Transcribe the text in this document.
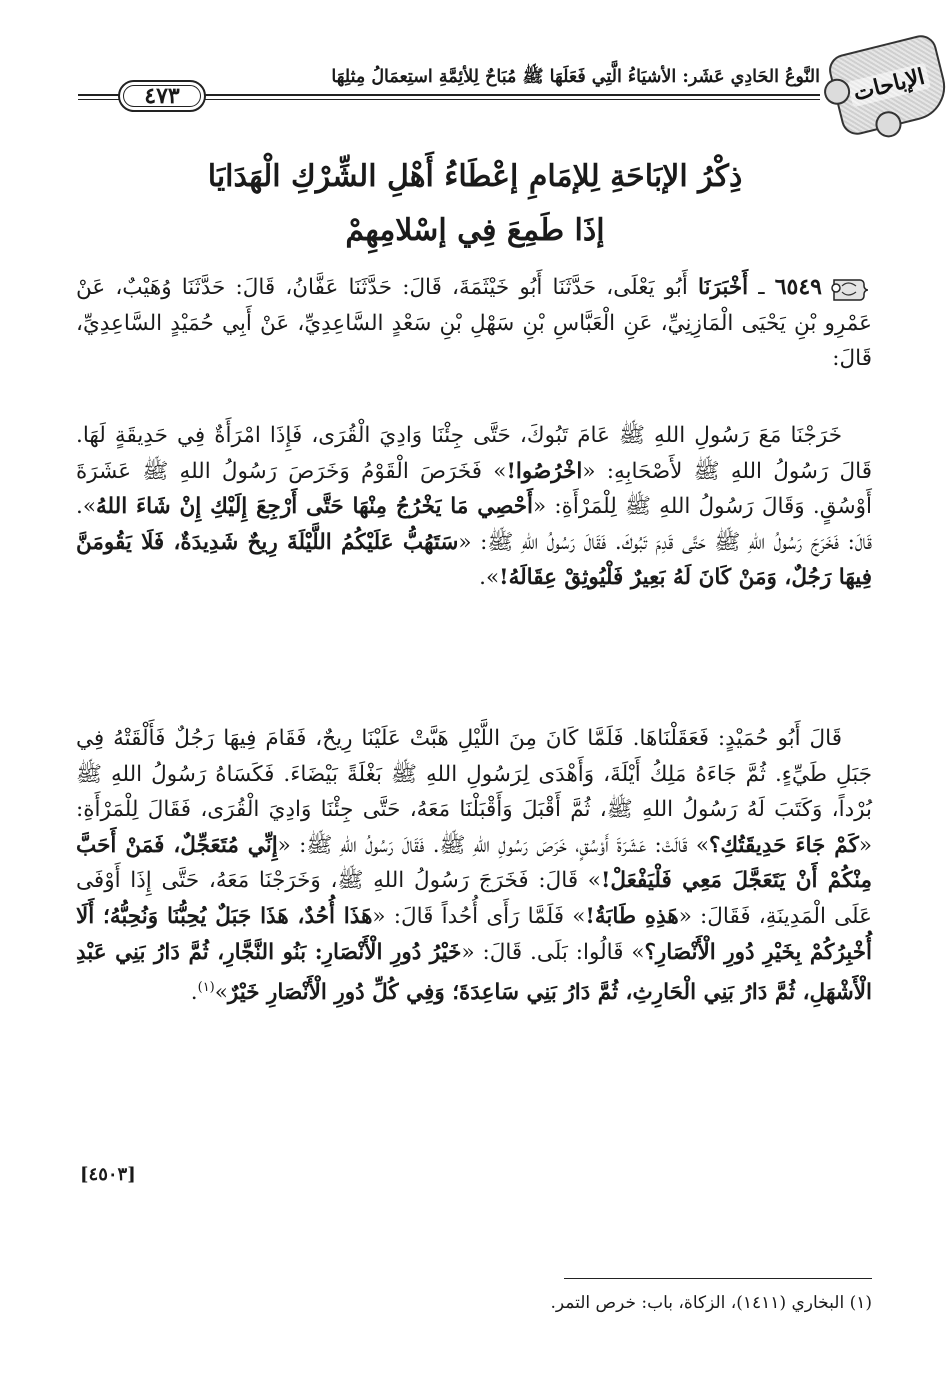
الإباحات
النَّوعُ الحَادِي عَشَر: الأشيَاءُ الَّتِي فَعَلَهَا ﷺ مُبَاحٌ لِلأئِمَّةِ استِعمَالُ مِثلِهَا
٤٧٣
ذِكْرُ الإبَاحَةِ لِلإمَامِ إعْطَاءُ أَهْلِ الشِّرْكِ الْهَدَايَا
إذَا طَمِعَ فِي إسْلامِهِمْ
٦٥٤٩ ـ أَخْبَرَنَا أَبُو يَعْلَى، حَدَّثَنَا أَبُو خَيْثَمَةَ، قَالَ: حَدَّثَنَا عَفَّانُ، قَالَ: حَدَّثَنَا وُهَيْبٌ، عَنْ عَمْرِو بْنِ يَحْيَى الْمَازِنِيِّ، عَنِ الْعَبَّاسِ بْنِ سَهْلِ بْنِ سَعْدٍ السَّاعِدِيِّ، عَنْ أَبِي حُمَيْدٍ السَّاعِدِيِّ، قَالَ:
خَرَجْنَا مَعَ رَسُولِ اللهِ ﷺ عَامَ تَبُوكَ، حَتَّى جِئْنَا وَادِيَ الْقُرَى، فَإِذَا امْرَأَةٌ فِي حَدِيقَةٍ لَهَا. قَالَ رَسُولُ اللهِ ﷺ لأَصْحَابِهِ: «اخْرُصُوا!» فَخَرَصَ الْقَوْمُ وَخَرَصَ رَسُولُ اللهِ ﷺ عَشَرَةَ أَوْسُقٍ. وَقَالَ رَسُولُ اللهِ ﷺ لِلْمَرْأَةِ: «أَحْصِي مَا يَخْرُجُ مِنْهَا حَتَّى أَرْجِعَ إِلَيْكِ إِنْ شَاءَ اللهُ». قَالَ: فَخَرَجَ رَسُولُ اللهِ ﷺ حَتَّى قَدِمَ تَبُوكَ. فَقَالَ رَسُولُ اللهِ ﷺ: «سَتَهُبُّ عَلَيْكُمُ اللَّيْلَةَ رِيحٌ شَدِيدَةٌ، فَلَا يَقُومَنَّ فِيهَا رَجُلٌ، وَمَنْ كَانَ لَهُ بَعِيرٌ فَلْيُوثِقْ عِقَالَهُ!».
قَالَ أَبُو حُمَيْدٍ: فَعَقَلْنَاهَا. فَلَمَّا كَانَ مِنَ اللَّيْلِ هَبَّتْ عَلَيْنَا رِيحٌ، فَقَامَ فِيهَا رَجُلٌ فَأَلْقَتْهُ فِي جَبَلِ طَيِّءٍ. ثُمَّ جَاءَهُ مَلِكُ أَيْلَةَ، وَأَهْدَى لِرَسُولِ اللهِ ﷺ بَغْلَةً بَيْضَاءَ. فَكَسَاهُ رَسُولُ اللهِ ﷺ بُرْداً، وَكَتَبَ لَهُ رَسُولُ اللهِ ﷺ، ثُمَّ أَقْبَلَ وَأَقْبَلْنَا مَعَهُ، حَتَّى جِئْنَا وَادِيَ الْقُرَى، فَقَالَ لِلْمَرْأَةِ: «كَمْ جَاءَ حَدِيقَتُكِ؟» قَالَتْ: عَشَرَةَ أَوْسُقٍ، خَرَصَ رَسُولِ اللهِ ﷺ. فَقَالَ رَسُولُ اللهِ ﷺ: «إِنِّي مُتَعَجِّلٌ، فَمَنْ أَحَبَّ مِنْكُمْ أَنْ يَتَعَجَّلَ مَعِي فَلْيَفْعَلْ!» قَالَ: فَخَرَجَ رَسُولُ اللهِ ﷺ، وَخَرَجْنَا مَعَهُ، حَتَّى إِذَا أَوْفَى عَلَى الْمَدِينَةِ، فَقَالَ: «هَذِهِ طَابَةُ!» فَلَمَّا رَأَى أُحُداً قَالَ: «هَذَا أُحُدٌ، هَذَا جَبَلٌ يُحِبُّنَا وَنُحِبُّهُ؛ أَلَا أُخْبِرُكُمْ بِخَيْرِ دُورِ الْأَنْصَارِ؟» قَالُوا: بَلَى. قَالَ: «خَيْرُ دُورِ الْأَنْصَارِ: بَنُو النَّجَّارِ، ثُمَّ دَارُ بَنِي عَبْدِ الْأَشْهَلِ، ثُمَّ دَارُ بَنِي الْحَارِثِ، ثُمَّ دَارُ بَنِي سَاعِدَةَ؛ وَفِي كُلِّ دُورِ الْأَنْصَارِ خَيْرٌ»$^{(١)}$.
[٤٥٠٣]
(١) البخاري (١٤١١)، الزكاة، باب: خرص التمر.
